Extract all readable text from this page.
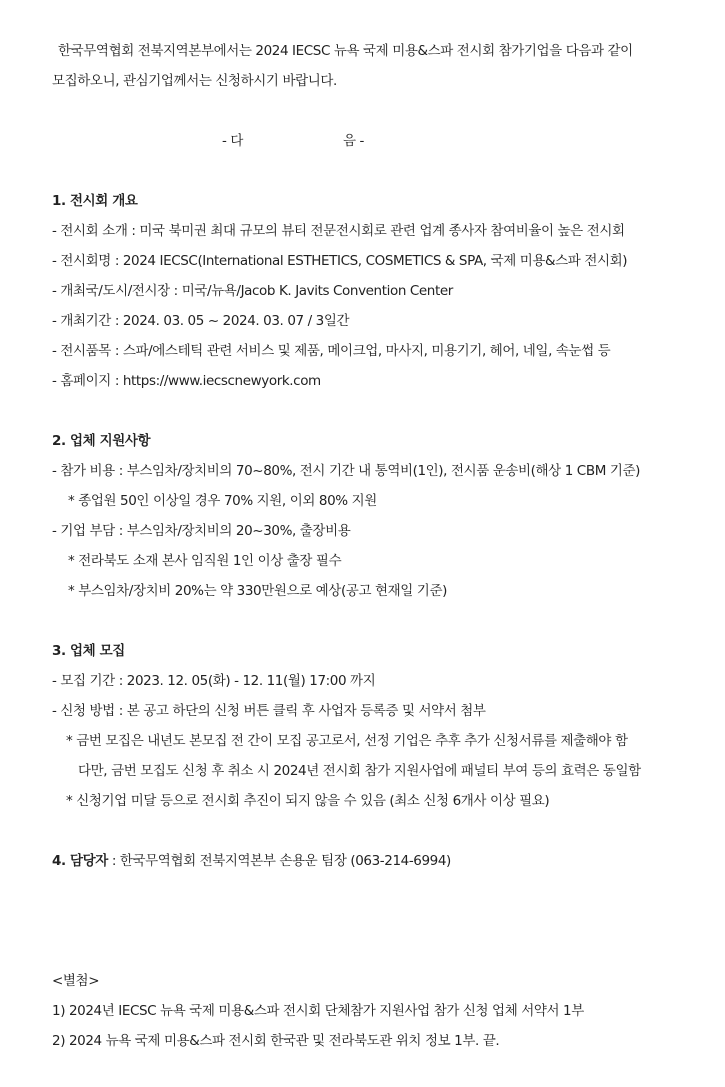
한국무역협회 전북지역본부에서는 2024 IECSC 뉴욕 국제 미용&스파 전시회 참가기업을 다음과 같이
모집하오니, 관심기업께서는 신청하시기 바랍니다.
- 다	음 -
1. 전시회 개요
- 전시회 소개 : 미국 북미권 최대 규모의 뷰티 전문전시회로 관련 업계 종사자 참여비율이 높은 전시회
- 전시회명 : 2024 IECSC(International ESTHETICS, COSMETICS & SPA, 국제 미용&스파 전시회)
- 개최국/도시/전시장 : 미국/뉴욕/Jacob K. Javits Convention Center
- 개최기간 : 2024. 03. 05 ~ 2024. 03. 07 / 3일간
- 전시품목 : 스파/에스테틱 관련 서비스 및 제품, 메이크업, 마사지, 미용기기, 헤어, 네일, 속눈썹 등
- 홈페이지 : https://www.iecscnewyork.com
2. 업체 지원사항
- 참가 비용 : 부스임차/장치비의 70~80%, 전시 기간 내 통역비(1인), 전시품 운송비(해상 1 CBM 기준)
* 종업원 50인 이상일 경우 70% 지원, 이외 80% 지원
- 기업 부담 : 부스임차/장치비의 20~30%, 출장비용
* 전라북도 소재 본사 임직원 1인 이상 출장 필수
* 부스임차/장치비 20%는 약 330만원으로 예상(공고 현재일 기준)
3. 업체 모집
- 모집 기간 : 2023. 12. 05(화) - 12. 11(월) 17:00 까지
- 신청 방법 : 본 공고 하단의 신청 버튼 클릭 후 사업자 등록증 및 서약서 첨부
* 금번 모집은 내년도 본모집 전 간이 모집 공고로서, 선정 기업은 추후 추가 신청서류를 제출해야 함
다만, 금번 모집도 신청 후 취소 시 2024년 전시회 참가 지원사업에 패널티 부여 등의 효력은 동일함
* 신청기업 미달 등으로 전시회 추진이 되지 않을 수 있음 (최소 신청 6개사 이상 필요)
4. 담당자 : 한국무역협회 전북지역본부 손용운 팀장 (063-214-6994)
<별첨>
1) 2024년 IECSC 뉴욕 국제 미용&스파 전시회 단체참가 지원사업 참가 신청 업체 서약서 1부
2) 2024 뉴욕 국제 미용&스파 전시회 한국관 및 전라북도관 위치 정보 1부. 끝.
